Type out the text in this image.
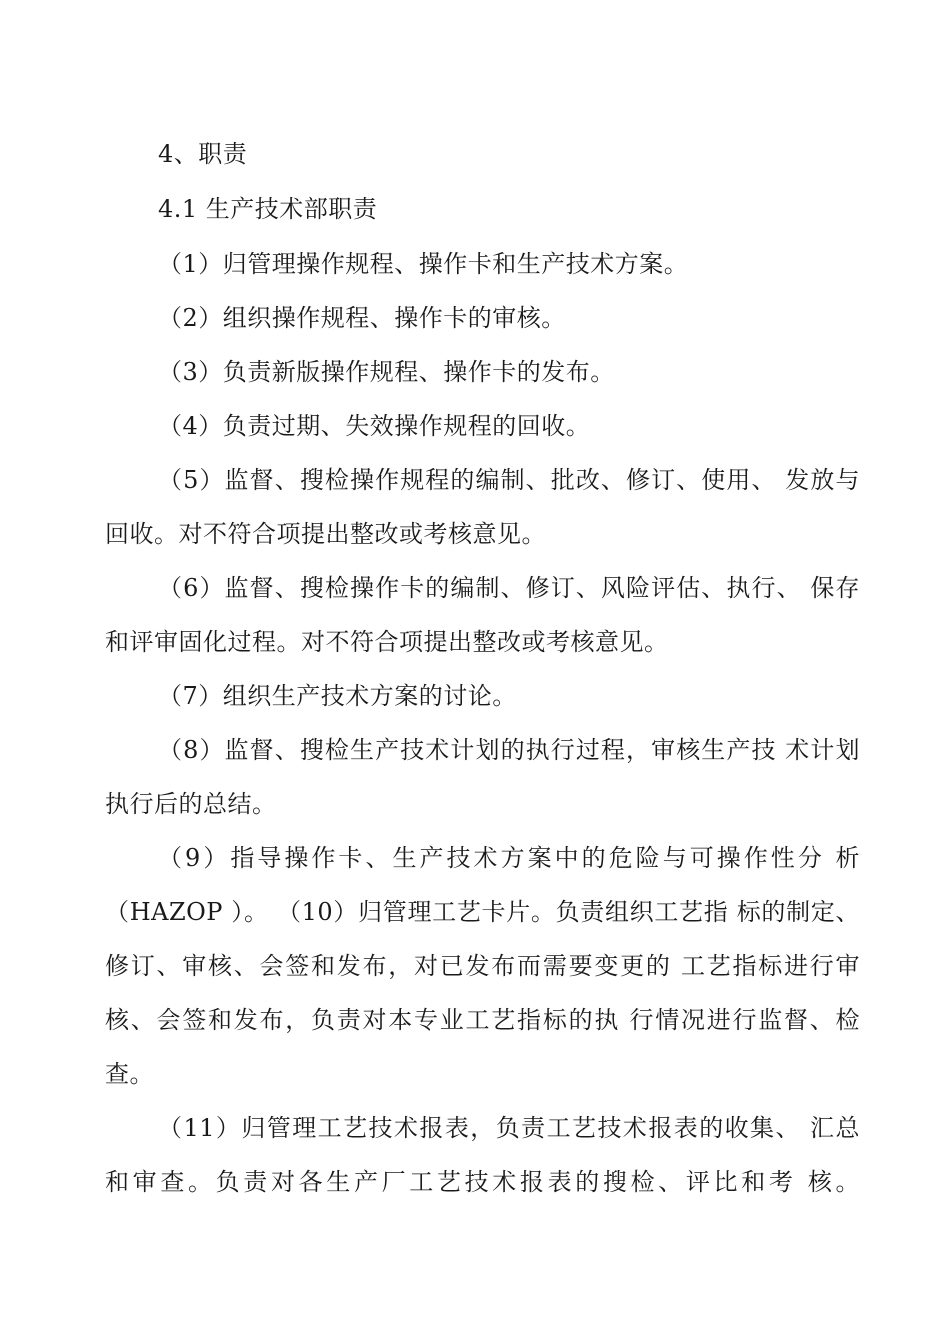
4、职责
4.1 生产技术部职责
（1）归管理操作规程、操作卡和生产技术方案。
（2）组织操作规程、操作卡的审核。
（3）负责新版操作规程、操作卡的发布。
（4）负责过期、失效操作规程的回收。
（5）监督、搜检操作规程的编制、批改、修订、使用、 发放与
回收。对不符合项提出整改或考核意见。
（6）监督、搜检操作卡的编制、修订、风险评估、执行、 保存
和评审固化过程。对不符合项提出整改或考核意见。
（7）组织生产技术方案的讨论。
（8）监督、搜检生产技术计划的执行过程，审核生产技 术计划
执行后的总结。
（9）指导操作卡、生产技术方案中的危险与可操作性分 析
（HAZOP ）。 （10）归管理工艺卡片。负责组织工艺指 标的制定、
修订、审核、会签和发布，对已发布而需要变更的 工艺指标进行审
核、会签和发布，负责对本专业工艺指标的执 行情况进行监督、检
查。
（11）归管理工艺技术报表，负责工艺技术报表的收集、 汇总
和审查。负责对各生产厂工艺技术报表的搜检、评比和考 核。
